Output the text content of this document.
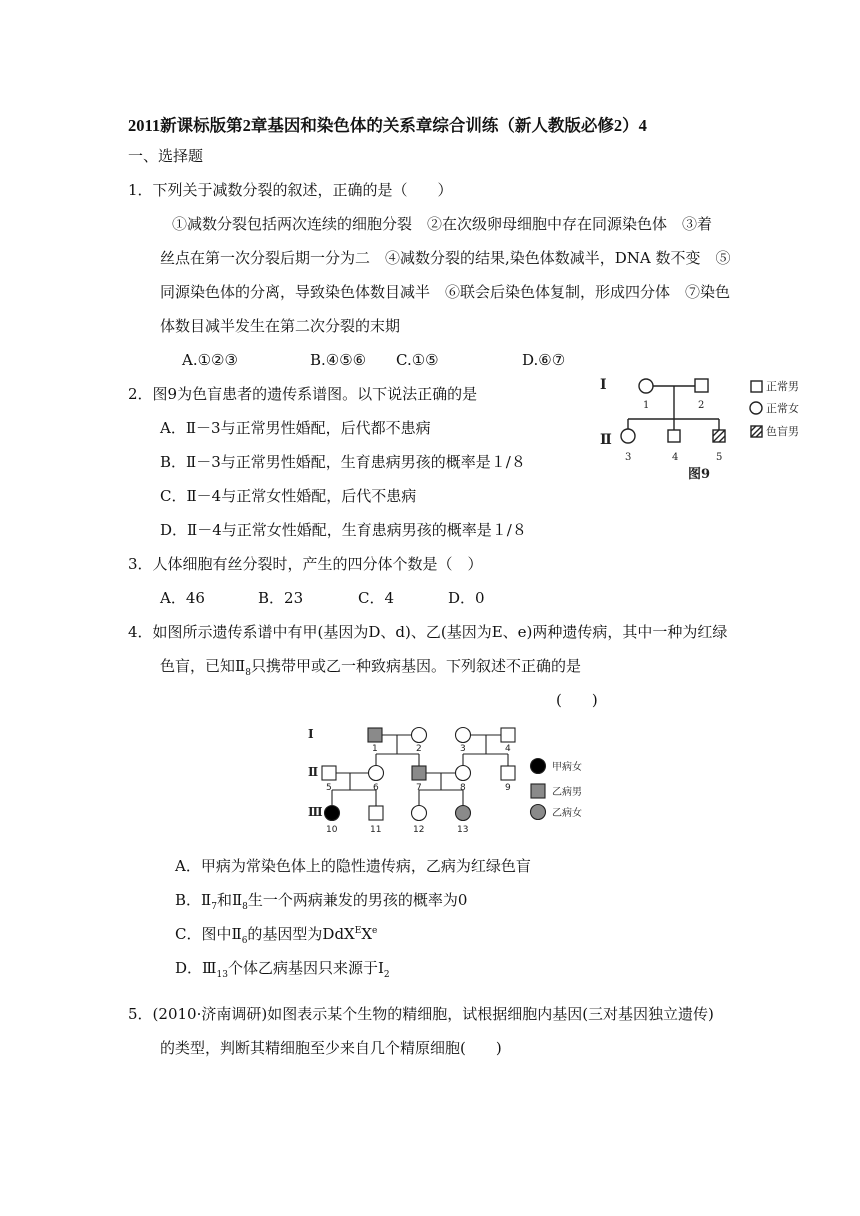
2011新课标版第2章基因和染色体的关系章综合训练（新人教版必修2）4
一、选择题
1．下列关于减数分裂的叙述，正确的是（　　）
①减数分裂包括两次连续的细胞分裂　②在次级卵母细胞中存在同源染色体　③着
丝点在第一次分裂后期一分为二　④减数分裂的结果,染色体数减半，DNA 数不变　⑤
同源染色体的分离，导致染色体数目减半　⑥联会后染色体复制，形成四分体　⑦染色
体数目减半发生在第二次分裂的末期
A.①②③	B.④⑤⑥ C.①⑤	D.⑥⑦
2．图9为色盲患者的遗传系谱图。以下说法正确的是
A．Ⅱ－3与正常男性婚配，后代都不患病
B．Ⅱ－3与正常男性婚配，生育患病男孩的概率是１/８
C．Ⅱ－4与正常女性婚配，后代不患病
D．Ⅱ－4与正常女性婚配，生育患病男孩的概率是１/８
Ⅰ
Ⅱ
1	2
3	4	5
图9
正常男
正常女
色盲男
3．人体细胞有丝分裂时，产生的四分体个数是（　）
A．46	B．23	C．4	D．0
4．如图所示遗传系谱中有甲(基因为D、d)、乙(基因为E、e)两种遗传病，其中一种为红绿
色盲，已知$Ⅱ_8$只携带甲或乙一种致病基因。下列叙述不正确的是
(　　)
Ⅰ
Ⅱ
Ⅲ
1	2	3	4
5	6	7	8	9
10	11	12	13
甲病女
乙病男
乙病女
A．甲病为常染色体上的隐性遗传病，乙病为红绿色盲
B．$Ⅱ_7$和$Ⅱ_8$生一个两病兼发的男孩的概率为0
C．图中$Ⅱ_6$的基因型为DdX$^E$Xe
D．$Ⅲ_{13}$个体乙病基因只来源于$Ⅰ_2$
5．(2010·济南调研)如图表示某个生物的精细胞，试根据细胞内基因(三对基因独立遗传)
的类型，判断其精细胞至少来自几个精原细胞(　　)
